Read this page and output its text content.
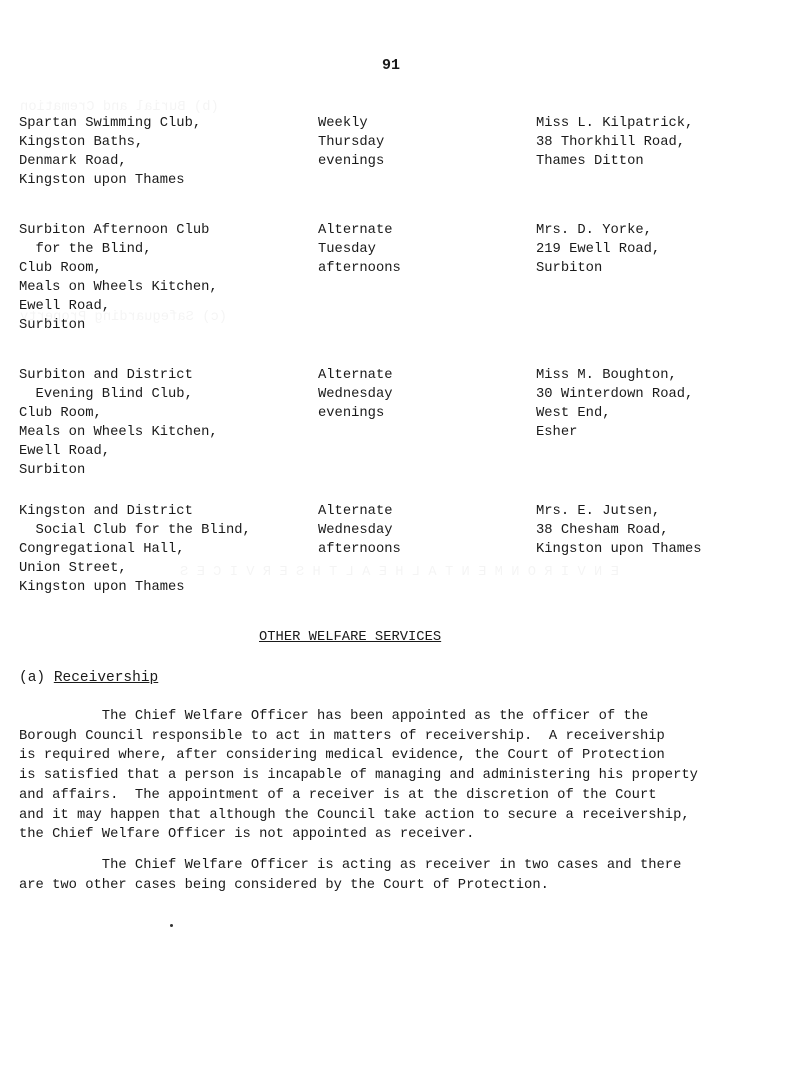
91
Spartan Swimming Club,
Kingston Baths,
Denmark Road,
Kingston upon Thames
Weekly
Thursday
evenings
Miss L. Kilpatrick,
38 Thorkhill Road,
Thames Ditton
Surbiton Afternoon Club
for the Blind,
Club Room,
Meals on Wheels Kitchen,
Ewell Road,
Surbiton
Alternate
Tuesday
afternoons
Mrs. D. Yorke,
219 Ewell Road,
Surbiton
Surbiton and District
Evening Blind Club,
Club Room,
Meals on Wheels Kitchen,
Ewell Road,
Surbiton
Alternate
Wednesday
evenings
Miss M. Boughton,
30 Winterdown Road,
West End,
Esher
Kingston and District
Social Club for the Blind,
Congregational Hall,
Union Street,
Kingston upon Thames
Alternate
Wednesday
afternoons
Mrs. E. Jutsen,
38 Chesham Road,
Kingston upon Thames
OTHER WELFARE SERVICES
(a) Receivership
The Chief Welfare Officer has been appointed as the officer of the
Borough Council responsible to act in matters of receivership.  A receivership
is required where, after considering medical evidence, the Court of Protection
is satisfied that a person is incapable of managing and administering his property
and affairs.  The appointment of a receiver is at the discretion of the Court
and it may happen that although the Council take action to secure a receivership,
the Chief Welfare Officer is not appointed as receiver.
The Chief Welfare Officer is acting as receiver in two cases and there
are two other cases being considered by the Court of Protection.
